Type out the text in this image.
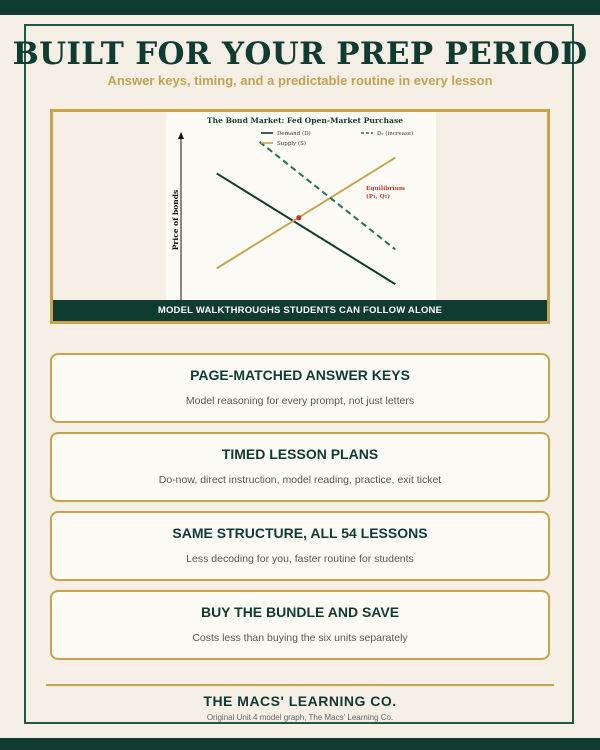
BUILT FOR YOUR PREP PERIOD
Answer keys, timing, and a predictable routine in every lesson
The Bond Market: Fed Open-Market Purchase
Price of bonds
Demand (D)	D₂ (increase)
Supply (S)
Equilibrium
(P₁, Q₁)
MODEL WALKTHROUGHS STUDENTS CAN FOLLOW ALONE
PAGE-MATCHED ANSWER KEYS
Model reasoning for every prompt, not just letters
TIMED LESSON PLANS
Do-now, direct instruction, model reading, practice, exit ticket
SAME STRUCTURE, ALL 54 LESSONS
Less decoding for you, faster routine for students
BUY THE BUNDLE AND SAVE
Costs less than buying the six units separately
THE MACS' LEARNING CO.
Original Unit 4 model graph, The Macs' Learning Co.
